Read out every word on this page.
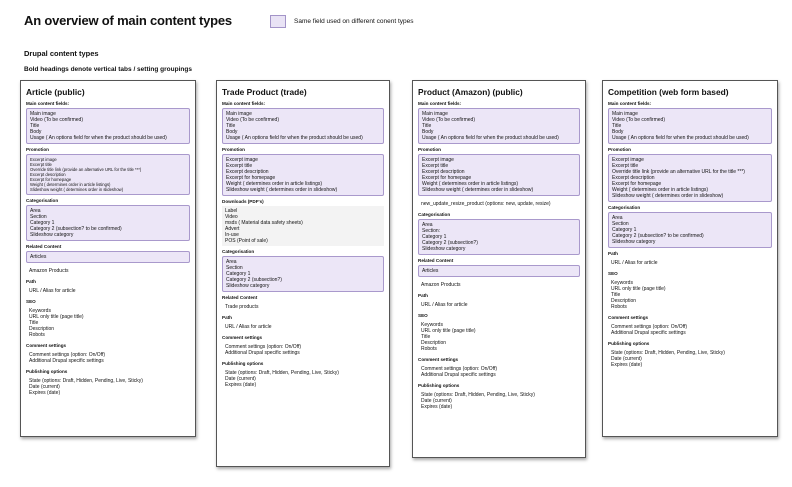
An overview of main content types	Same field used on different conent types
Drupal content types
Bold headings denote vertical tabs / setting groupings
Article (public)
Main content fields:
Main image
Video (To be confirmed)
Title
Body
Usage ( An options field for when the product should be used)
Promotion
Excerpt image
Excerpt title
Override title link (provide an alternative URL for the title ***)
Excerpt description
Excerpt for homepage
Weight ( determines order in article listings)
Slideshow weight ( determines order in slideshow)
Categorisation
Area
Section
Category 1
Category 2 (subsection? to be confirmed)
Slideshow category
Related Content
Articles
Amazon Products
Path
URL / Alias for article
SEO
Keywords
URL only title (page title)
Title
Description
Robots
Comment settings
Comment settings (option: On/Off)
Additional Drupal specific settings
Publishing options
State (options: Draft, Hidden, Pending, Live, Sticky)
Date (current)
Expires (date)
Trade Product (trade)
Main content fields:
Main image
Video (To be confirmed)
Title
Body
Usage ( An options field for when the product should be used)
Promotion
Excerpt image
Excerpt title
Excerpt description
Excerpt for homepage
Weight ( determines order in article listings)
Slideshow weight ( determines order in slideshow)
Downloads (PDF's)
Label
Video
msds ( Material data safety sheets)
Advert
In-use
POS (Point of sale)
Categorisation
Area
Section
Category 1
Category 2 (subsection?)
Slideshow category
Related Content
Trade products
Path
URL / Alias for article
Comment settings
Comment settings (option: On/Off)
Additional Drupal specific settings
Publishing options
State (options: Draft, Hidden, Pending, Live, Sticky)
Date (current)
Expires (date)
Product (Amazon) (public)
Main content fields:
Main image
Video (To be confirmed)
Title
Body
Usage ( An options field for when the product should be used)
Promotion
Excerpt image
Excerpt title
Excerpt description
Excerpt for homepage
Weight ( determines order in article listings)
Slideshow weight ( determines order in slideshow)
new_update_resize_product (options: new, update, resize)
Categorisation
Area
Section:
Category 1
Category 2 (subsection?)
Slideshow category
Related Content
Articles
Amazon Products
Path
URL / Alias for article
SEO
Keywords
URL only title (page title)
Title
Description
Robots
Comment settings
Comment settings (option: On/Off)
Additional Drupal specific settings
Publishing options
State (options: Draft, Hidden, Pending, Live, Sticky)
Date (current)
Expires (date)
Competition (web form based)
Main content fields:
Main image
Video (To be confirmed)
Title
Body
Usage ( An options field for when the product should be used)
Promotion
Excerpt image
Excerpt title
Override title link (provide an alternative URL for the title ***)
Excerpt description
Excerpt for homepage
Weight ( determines order in article listings)
Slideshow weight ( determines order in slideshow)
Categorisation
Area
Section
Category 1
Category 2 (subsection? to be confirmed)
Slideshow category
Path
URL / Alias for article
SEO
Keywords
URL only title (page title)
Title
Description
Robots
Comment settings
Comment settings (option: On/Off)
Additional Drupal specific settings
Publishing options
State (options: Draft, Hidden, Pending, Live, Sticky)
Date (current)
Expires (date)
